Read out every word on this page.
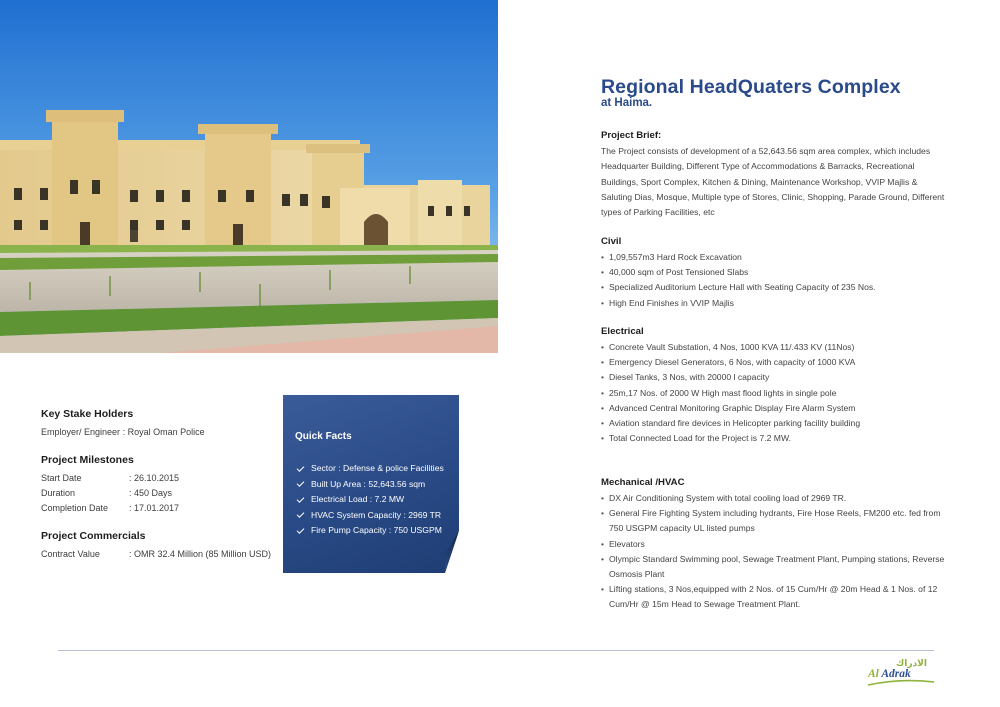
Key Stake Holders
Employer/ Engineer
: Royal Oman Police
Project Milestones
Start Date	: 26.10.2015
Duration	: 450 Days
Completion Date	: 17.01.2017
Project Commercials
Contract Value	: OMR 32.4 Million (85 Million USD)
Quick Facts
Sector : Defense & police Facilities
Built Up Area : 52,643.56 sqm
Electrical Load : 7.2 MW
HVAC System Capacity : 2969 TR
Fire Pump Capacity : 750 USGPM
Regional HeadQuaters Complex
at Haima.
Project Brief:

The Project consists of development of a 52,643.56 sqm area complex, which includes Headquarter Building, Different Type of Accommodations & Barracks, Recreational Buildings, Sport Complex, Kitchen & Dining, Maintenance Workshop, VVIP Majlis & Saluting Dias, Mosque, Multiple type of Stores, Clinic, Shopping, Parade Ground, Different types of Parking Facilities, etc

Civil
• 1,09,557m3 Hard Rock Excavation
• 40,000 sqm of Post Tensioned Slabs
• Specialized Auditorium Lecture Hall with Seating Capacity of 235 Nos.
• High End Finishes in VVIP Majlis
Electrical
• Concrete Vault Substation, 4 Nos, 1000 KVA 11/.433 KV (11Nos)
• Emergency Diesel Generators, 6 Nos, with capacity of 1000 KVA
• Diesel Tanks, 3 Nos, with 20000 l capacity
• 25m,17 Nos. of 2000 W High mast flood lights in single pole
• Advanced Central Monitoring Graphic Display Fire Alarm System
• Aviation standard fire devices in Helicopter parking facility building
• Total Connected Load for the Project is 7.2 MW.
Mechanical /HVAC
• DX Air Conditioning System with total cooling load of 2969 TR.
• General Fire Fighting System including hydrants, Fire Hose Reels, FM200 etc. fed from 750 USGPM capacity UL listed pumps
• Elevators
• Olympic Standard Swimming pool, Sewage Treatment Plant, Pumping stations, Reverse Osmosis Plant
• Lifting stations, 3 Nos,equipped with 2 Nos. of 15 Cum/Hr @ 20m Head & 1 Nos. of 12 Cum/Hr @ 15m Head to Sewage Treatment Plant.
الادراك
Al Adrak
